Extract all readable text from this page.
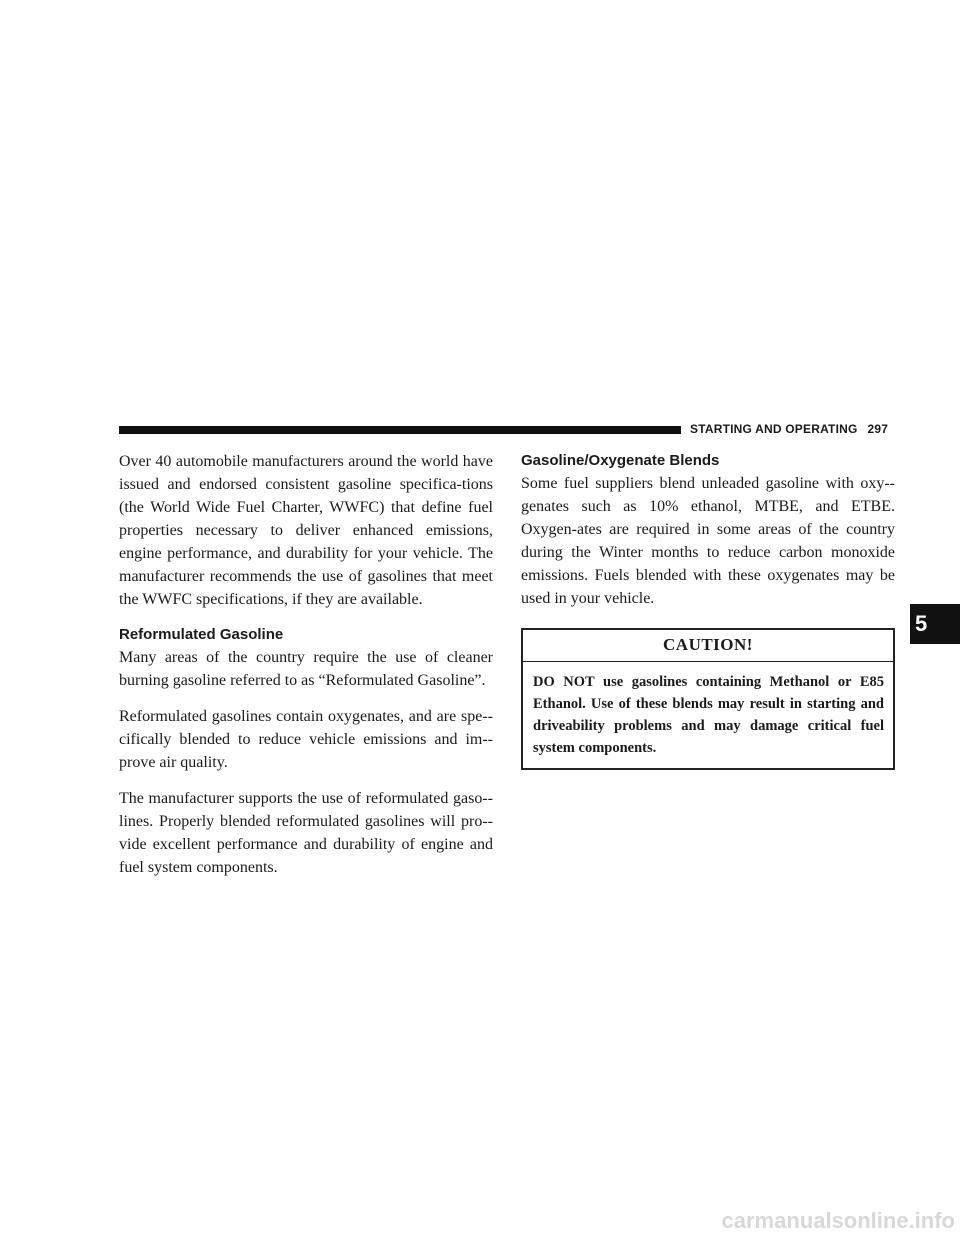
STARTING AND OPERATING 297

Over 40 automobile manufacturers around the world have issued and endorsed consistent gasoline specifica-tions (the World Wide Fuel Charter, WWFC) that define fuel properties necessary to deliver enhanced emissions, engine performance, and durability for your vehicle. The manufacturer recommends the use of gasolines that meet the WWFC specifications, if they are available.

Reformulated Gasoline

Many areas of the country require the use of cleaner burning gasoline referred to as “Reformulated Gasoline”.

Reformulated gasolines contain oxygenates, and are spe-cifically blended to reduce vehicle emissions and im-prove air quality.

The manufacturer supports the use of reformulated gaso-lines. Properly blended reformulated gasolines will pro-vide excellent performance and durability of engine and fuel system components.

Gasoline/Oxygenate Blends

Some fuel suppliers blend unleaded gasoline with oxy-genates such as 10% ethanol, MTBE, and ETBE. Oxygen-ates are required in some areas of the country during the Winter months to reduce carbon monoxide emissions. Fuels blended with these oxygenates may be used in your vehicle.

CAUTION!
DO NOT use gasolines containing Methanol or E85 Ethanol. Use of these blends may result in starting and driveability problems and may damage critical fuel system components.
5
carmanualsonline.info
